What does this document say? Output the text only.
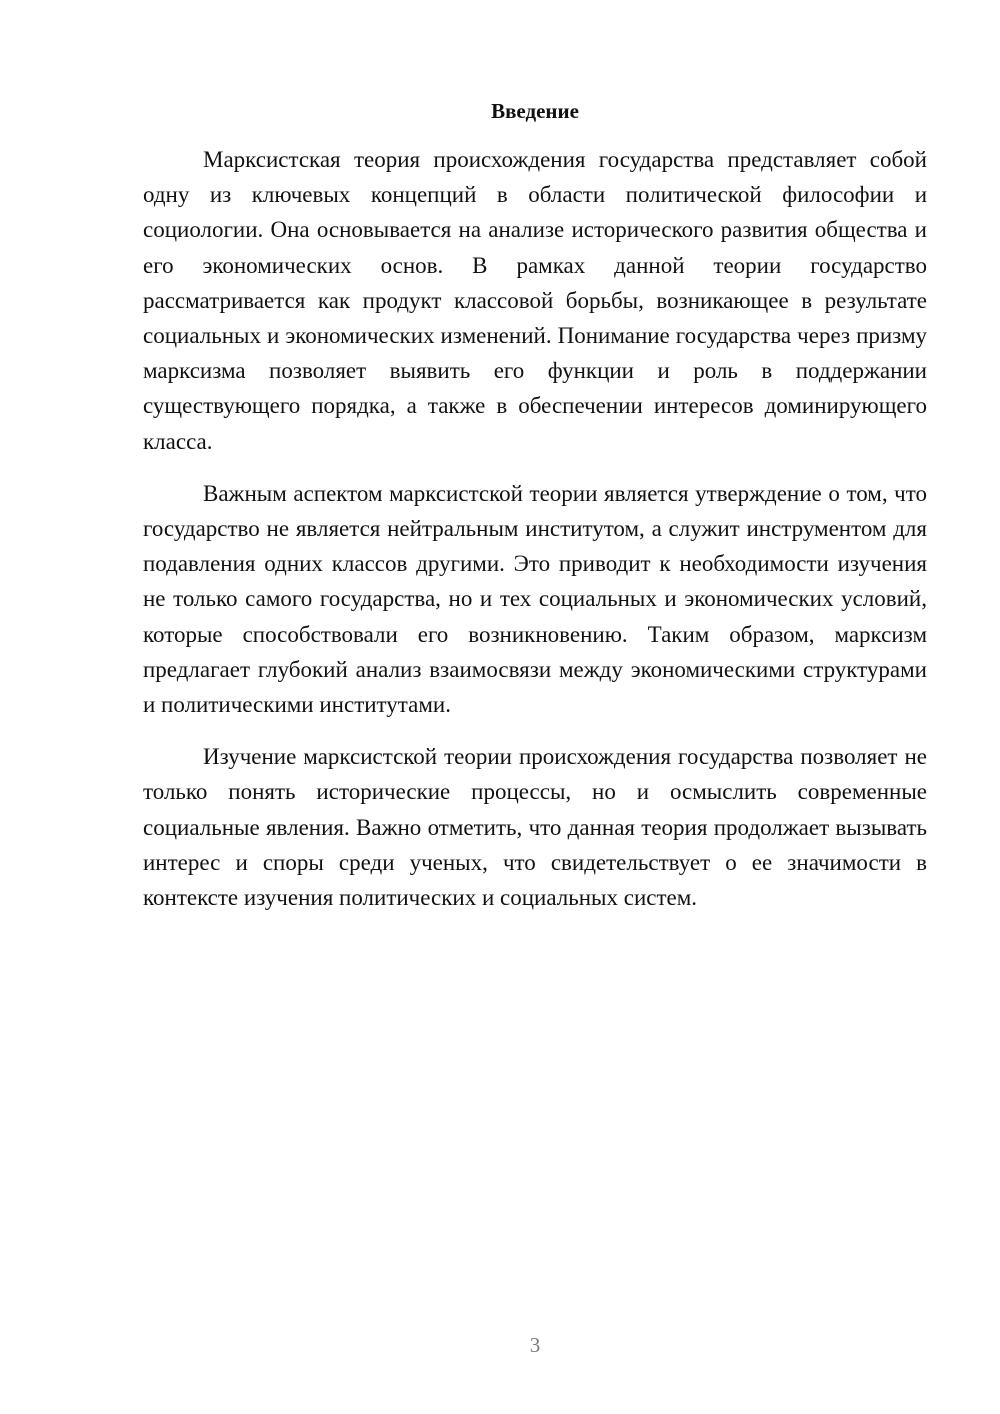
Введение

Марксистская теория происхождения государства представляет собой одну из ключевых концепций в области политической философии и социологии. Она основывается на анализе исторического развития общества и его экономических основ. В рамках данной теории государство рассматривается как продукт классовой борьбы, возникающее в результате социальных и экономических изменений. Понимание государства через призму марксизма позволяет выявить его функции и роль в поддержании существующего порядка, а также в обеспечении интересов доминирующего класса.

Важным аспектом марксистской теории является утверждение о том, что государство не является нейтральным институтом, а служит инструментом для подавления одних классов другими. Это приводит к необходимости изучения не только самого государства, но и тех социальных и экономических условий, которые способствовали его возникновению. Таким образом, марксизм предлагает глубокий анализ взаимосвязи между экономическими структурами и политическими институтами.

Изучение марксистской теории происхождения государства позволяет не только понять исторические процессы, но и осмыслить современные социальные явления. Важно отметить, что данная теория продолжает вызывать интерес и споры среди ученых, что свидетельствует о ее значимости в контексте изучения политических и социальных систем.

3
